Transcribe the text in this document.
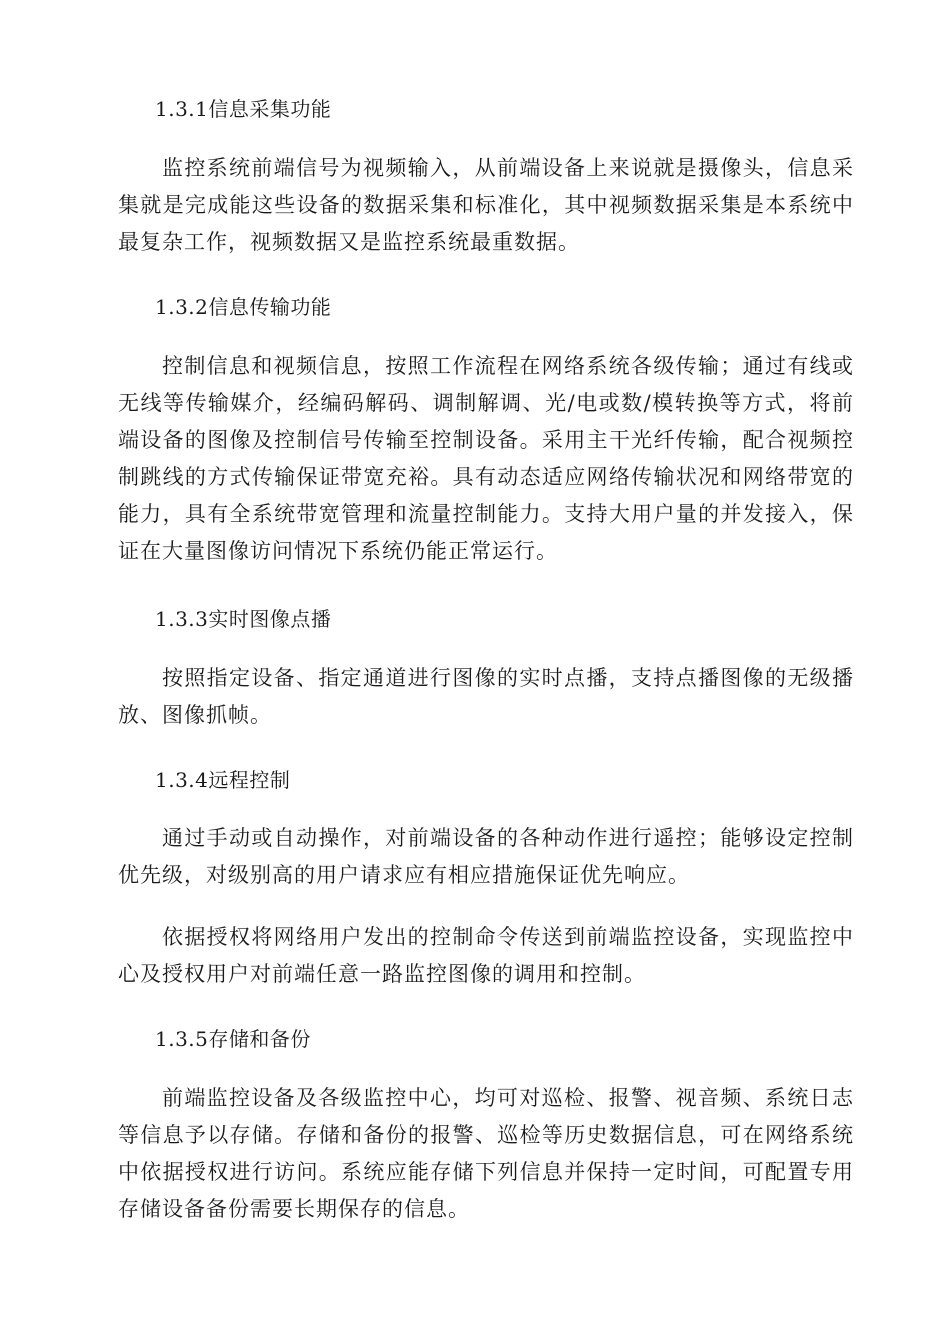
1.3.1信息采集功能
监控系统前端信号为视频输入，从前端设备上来说就是摄像头，信息采集就是完成能这些设备的数据采集和标准化，其中视频数据采集是本系统中最复杂工作，视频数据又是监控系统最重数据。
1.3.2信息传输功能
控制信息和视频信息，按照工作流程在网络系统各级传输；通过有线或无线等传输媒介，经编码解码、调制解调、光/电或数/模转换等方式，将前端设备的图像及控制信号传输至控制设备。采用主干光纤传输，配合视频控制跳线的方式传输保证带宽充裕。具有动态适应网络传输状况和网络带宽的能力，具有全系统带宽管理和流量控制能力。支持大用户量的并发接入，保证在大量图像访问情况下系统仍能正常运行。
1.3.3实时图像点播
按照指定设备、指定通道进行图像的实时点播，支持点播图像的无级播放、图像抓帧。
1.3.4远程控制
通过手动或自动操作，对前端设备的各种动作进行遥控；能够设定控制优先级，对级别高的用户请求应有相应措施保证优先响应。
依据授权将网络用户发出的控制命令传送到前端监控设备，实现监控中心及授权用户对前端任意一路监控图像的调用和控制。
1.3.5存储和备份
前端监控设备及各级监控中心，均可对巡检、报警、视音频、系统日志等信息予以存储。存储和备份的报警、巡检等历史数据信息，可在网络系统中依据授权进行访问。系统应能存储下列信息并保持一定时间，可配置专用存储设备备份需要长期保存的信息。
